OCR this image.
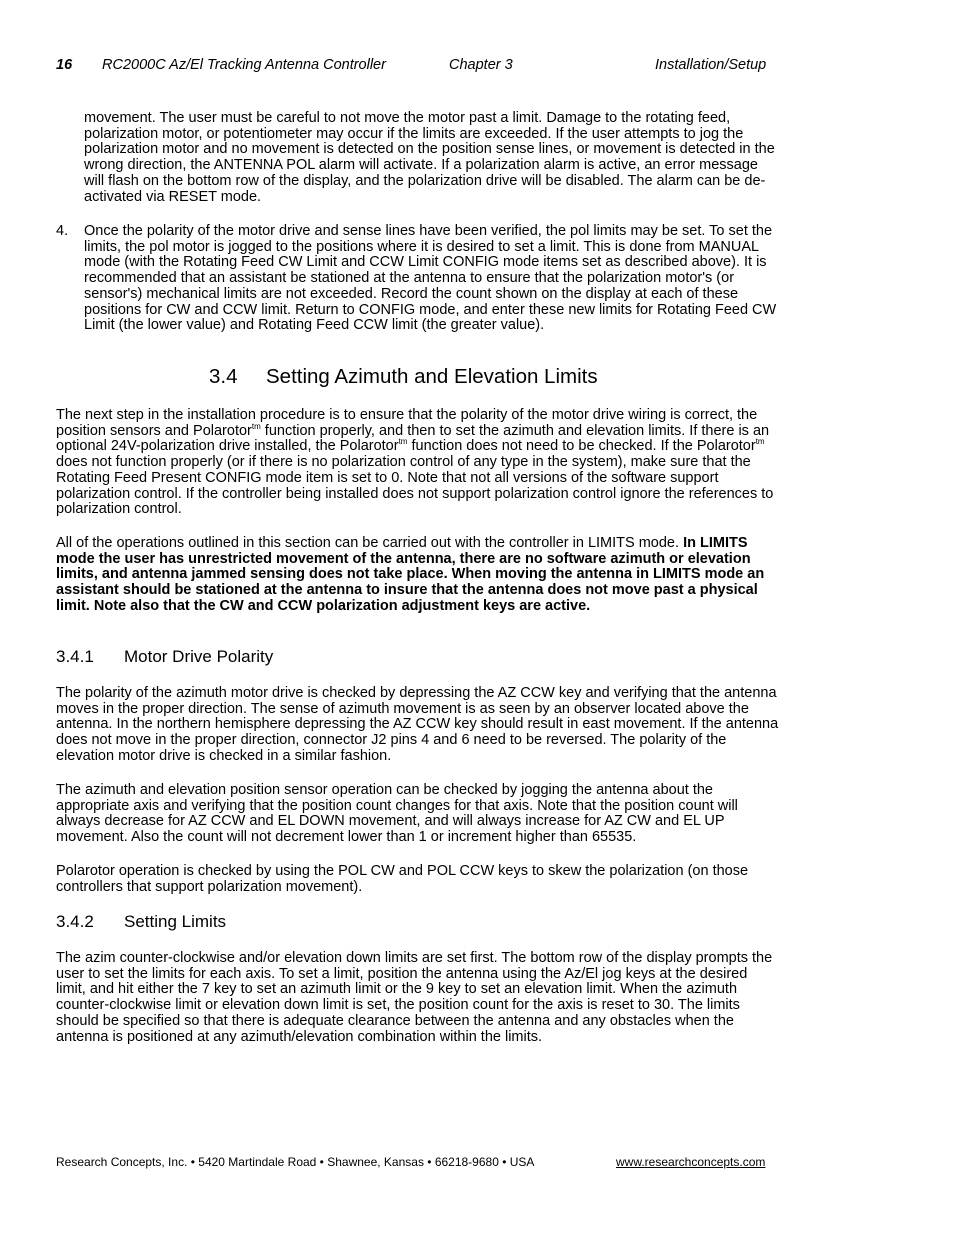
16 RC2000C Az/El Tracking Antenna Controller	Chapter 3	Installation/Setup

movement. The user must be careful to not move the motor past a limit. Damage to the rotating feed, polarization motor, or potentiometer may occur if the limits are exceeded. If the user attempts to jog the polarization motor and no movement is detected on the position sense lines, or movement is detected in the wrong direction, the ANTENNA POL alarm will activate. If a polarization alarm is active, an error message will flash on the bottom row of the display, and the polarization drive will be disabled. The alarm can be de-activated via RESET mode.

4. Once the polarity of the motor drive and sense lines have been verified, the pol limits may be set. To set the limits, the pol motor is jogged to the positions where it is desired to set a limit. This is done from MANUAL mode (with the Rotating Feed CW Limit and CCW Limit CONFIG mode items set as described above). It is recommended that an assistant be stationed at the antenna to ensure that the polarization motor's (or sensor's) mechanical limits are not exceeded. Record the count shown on the display at each of these positions for CW and CCW limit. Return to CONFIG mode, and enter these new limits for Rotating Feed CW Limit (the lower value) and Rotating Feed CCW limit (the greater value).

3.4 Setting Azimuth and Elevation Limits

The next step in the installation procedure is to ensure that the polarity of the motor drive wiring is correct, the position sensors and Polarotor$^{tm}$ function properly, and then to set the azimuth and elevation limits. If there is an optional 24V-polarization drive installed, the Polarotor$^{tm}$ function does not need to be checked. If the Polarotor$^{tm}$ does not function properly (or if there is no polarization control of any type in the system), make sure that the Rotating Feed Present CONFIG mode item is set to 0. Note that not all versions of the software support polarization control. If the controller being installed does not support polarization control ignore the references to polarization control.

All of the operations outlined in this section can be carried out with the controller in LIMITS mode. In LIMITS mode the user has unrestricted movement of the antenna, there are no software azimuth or elevation limits, and antenna jammed sensing does not take place. When moving the antenna in LIMITS mode an assistant should be stationed at the antenna to insure that the antenna does not move past a physical limit. Note also that the CW and CCW polarization adjustment keys are active.

3.4.1 Motor Drive Polarity

The polarity of the azimuth motor drive is checked by depressing the AZ CCW key and verifying that the antenna moves in the proper direction. The sense of azimuth movement is as seen by an observer located above the antenna. In the northern hemisphere depressing the AZ CCW key should result in east movement. If the antenna does not move in the proper direction, connector J2 pins 4 and 6 need to be reversed. The polarity of the elevation motor drive is checked in a similar fashion.

The azimuth and elevation position sensor operation can be checked by jogging the antenna about the appropriate axis and verifying that the position count changes for that axis. Note that the position count will always decrease for AZ CCW and EL DOWN movement, and will always increase for AZ CW and EL UP movement. Also the count will not decrement lower than 1 or increment higher than 65535.

Polarotor operation is checked by using the POL CW and POL CCW keys to skew the polarization (on those controllers that support polarization movement).

3.4.2 Setting Limits

The azim counter-clockwise and/or elevation down limits are set first. The bottom row of the display prompts the user to set the limits for each axis. To set a limit, position the antenna using the Az/El jog keys at the desired limit, and hit either the 7 key to set an azimuth limit or the 9 key to set an elevation limit. When the azimuth counter-clockwise limit or elevation down limit is set, the position count for the axis is reset to 30. The limits should be specified so that there is adequate clearance between the antenna and any obstacles when the antenna is positioned at any azimuth/elevation combination within the limits.

Research Concepts, Inc. • 5420 Martindale Road • Shawnee, Kansas • 66218-9680 • USA	www.researchconcepts.com
